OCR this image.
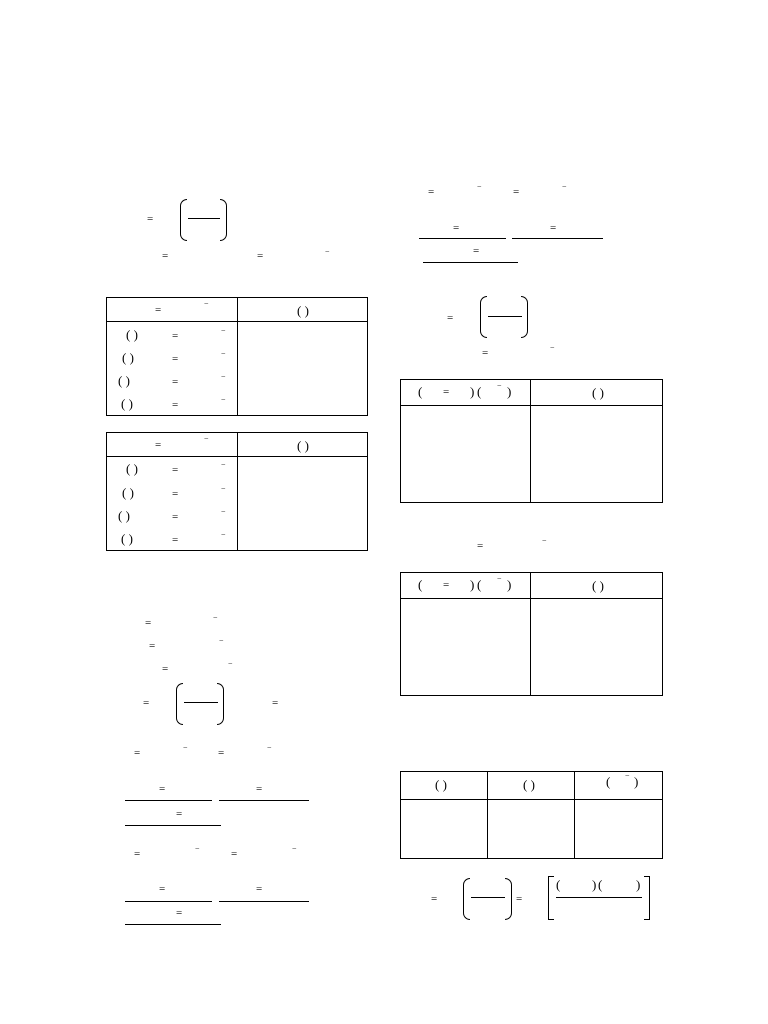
=
=	=	−
=
−	( )
( )	=	−
( )	=	−
( )	=	−
( )	=	−
=
−	( )
( )	=	−
( )	=	−
( )	=	−
( )	=	−
=	−
=	−
=	−
=	=
=	−	=	−
=	=
=
=	−	=	−
=	=
=
=	−	=	−
=	=
=
=
=	−
( = ) ( − )	( )
=	−
( = ) ( − )	( )
( )	( )	( − )
=	=
( ) (	)
